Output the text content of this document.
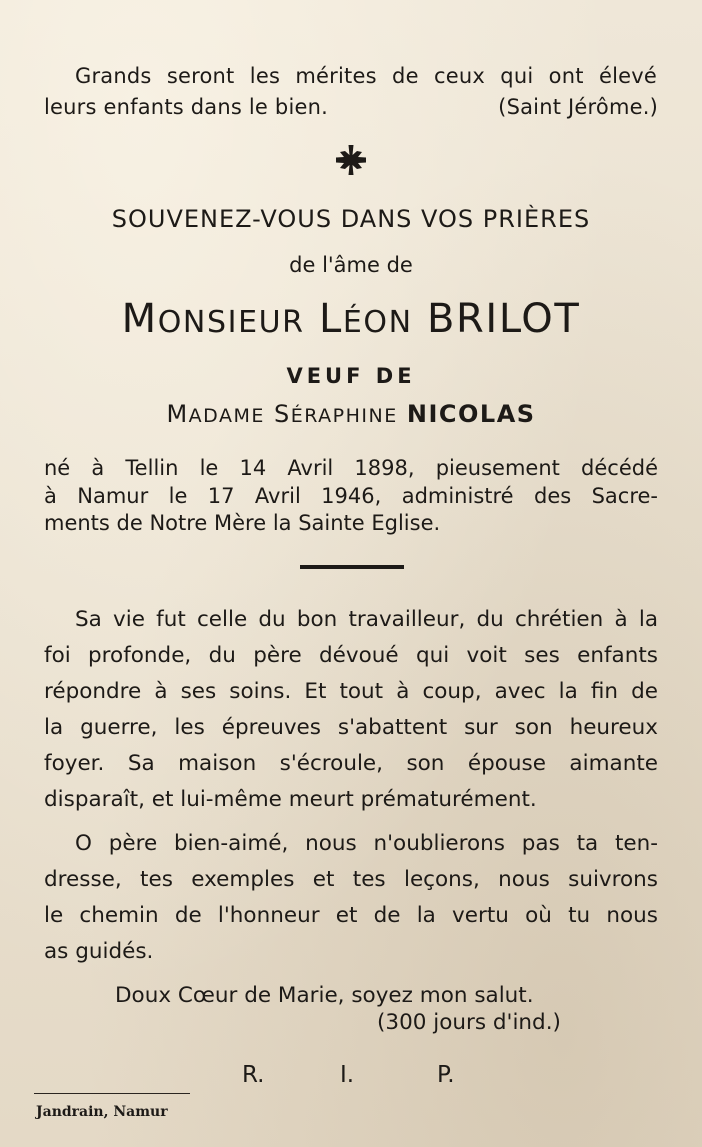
Grands seront les mérites de ceux qui ont élevé
leurs enfants dans le bien.	(Saint Jérôme.)
SOUVENEZ-VOUS DANS VOS PRIÈRES
de l'âme de
MONSIEUR LÉON BRILOT
VEUF DE
MADAME SÉRAPHINE NICOLAS
né à Tellin le 14 Avril 1898, pieusement décédé
à Namur le 17 Avril 1946, administré des Sacre-
ments de Notre Mère la Sainte Eglise.
Sa vie fut celle du bon travailleur, du chrétien à la
foi profonde, du père dévoué qui voit ses enfants
répondre à ses soins. Et tout à coup, avec la fin de
la guerre, les épreuves s'abattent sur son heureux
foyer. Sa maison s'écroule, son épouse aimante
disparaît, et lui-même meurt prématurément.
O père bien-aimé, nous n'oublierons pas ta ten-
dresse, tes exemples et tes leçons, nous suivrons
le chemin de l'honneur et de la vertu où tu nous
as guidés.
Doux Cœur de Marie, soyez mon salut.
(300 jours d'ind.)
R.	I.	P.
Jandrain, Namur
